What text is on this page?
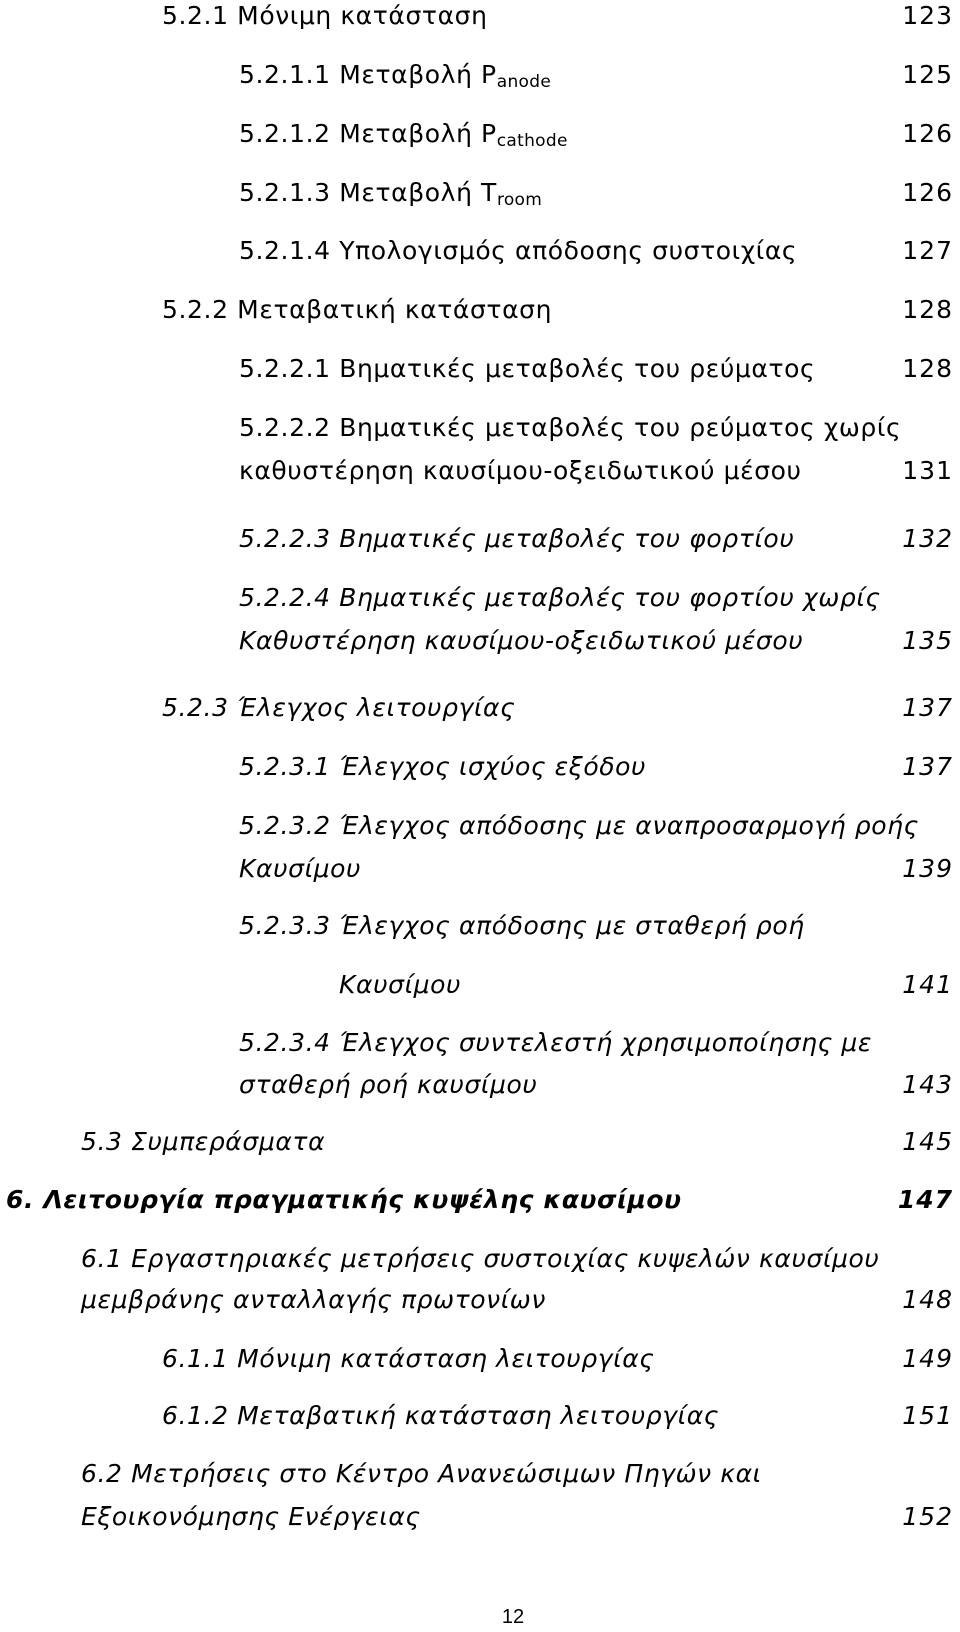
5.2.1 Μόνιμη κατάσταση	123
5.2.1.1 Μεταβολή $P_{anode}$	125
5.2.1.2 Μεταβολή $P_{cathode}$	126
5.2.1.3 Μεταβολή $T_{room}$	126
5.2.1.4 Υπολογισμός απόδοσης συστοιχίας	127
5.2.2 Μεταβατική κατάσταση	128
5.2.2.1 Βηματικές μεταβολές του ρεύματος	128
5.2.2.2 Βηματικές μεταβολές του ρεύματος χωρίς
καθυστέρηση καυσίμου-οξειδωτικού μέσου	131
5.2.2.3 Βηματικές μεταβολές του φορτίου	132
5.2.2.4 Βηματικές μεταβολές του φορτίου χωρίς
Καθυστέρηση καυσίμου-οξειδωτικού μέσου	135
5.2.3 Έλεγχος λειτουργίας	137
5.2.3.1 Έλεγχος ισχύος εξόδου	137
5.2.3.2 Έλεγχος απόδοσης με αναπροσαρμογή ροής
Καυσίμου	139
5.2.3.3 Έλεγχος απόδοσης με σταθερή ροή
Καυσίμου	141
5.2.3.4 Έλεγχος συντελεστή χρησιμοποίησης με
σταθερή ροή καυσίμου	143
5.3 Συμπεράσματα	145
6. Λειτουργία πραγματικής κυψέλης καυσίμου	147
6.1 Εργαστηριακές μετρήσεις συστοιχίας κυψελών καυσίμου
μεμβράνης ανταλλαγής πρωτονίων	148
6.1.1 Μόνιμη κατάσταση λειτουργίας	149
6.1.2 Μεταβατική κατάσταση λειτουργίας	151
6.2 Μετρήσεις στο Κέντρο Ανανεώσιμων Πηγών και
Εξοικονόμησης Ενέργειας	152
12
